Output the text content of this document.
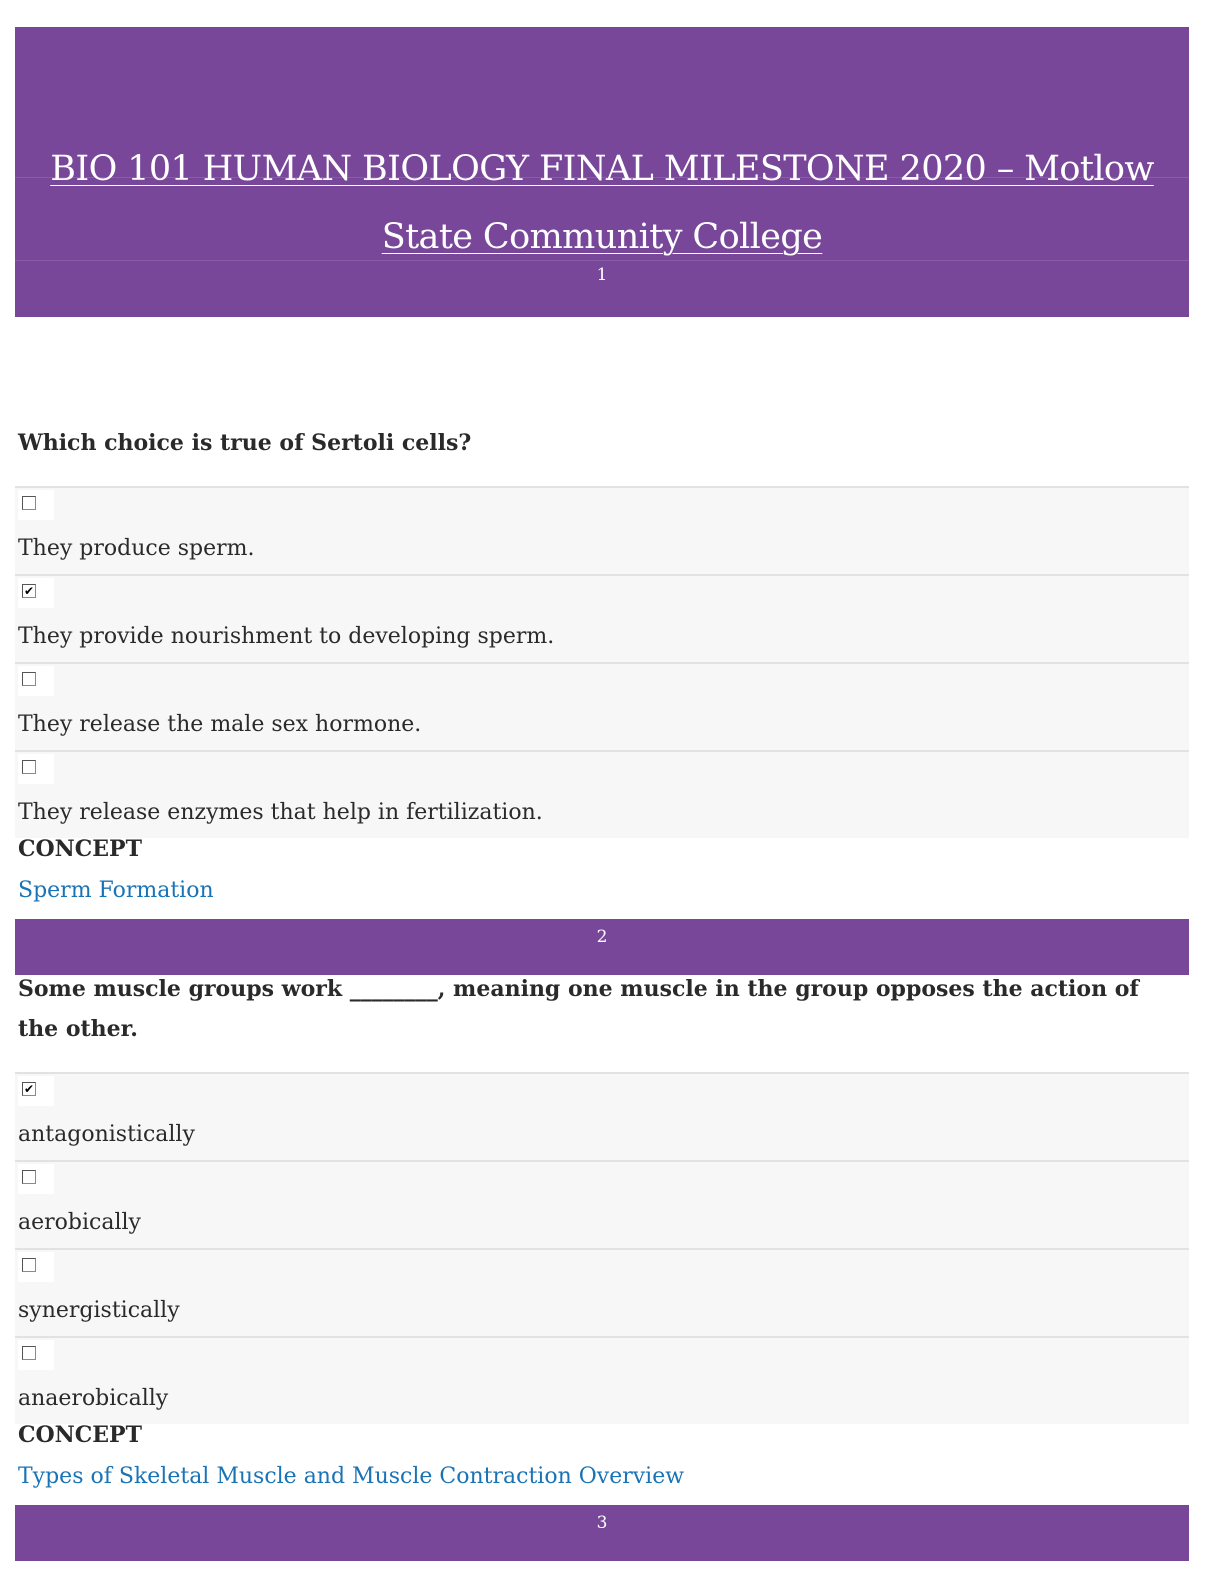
BIO 101 HUMAN BIOLOGY FINAL MILESTONE 2020 – Motlow
State Community College
1
Which choice is true of Sertoli cells?
They produce sperm.
✔
They provide nourishment to developing sperm.
They release the male sex hormone.
They release enzymes that help in fertilization.
CONCEPT
Sperm Formation
2
Some muscle groups work ________, meaning one muscle in the group opposes the action of
the other.
✔
antagonistically
aerobically
synergistically
anaerobically
CONCEPT
Types of Skeletal Muscle and Muscle Contraction Overview
3
